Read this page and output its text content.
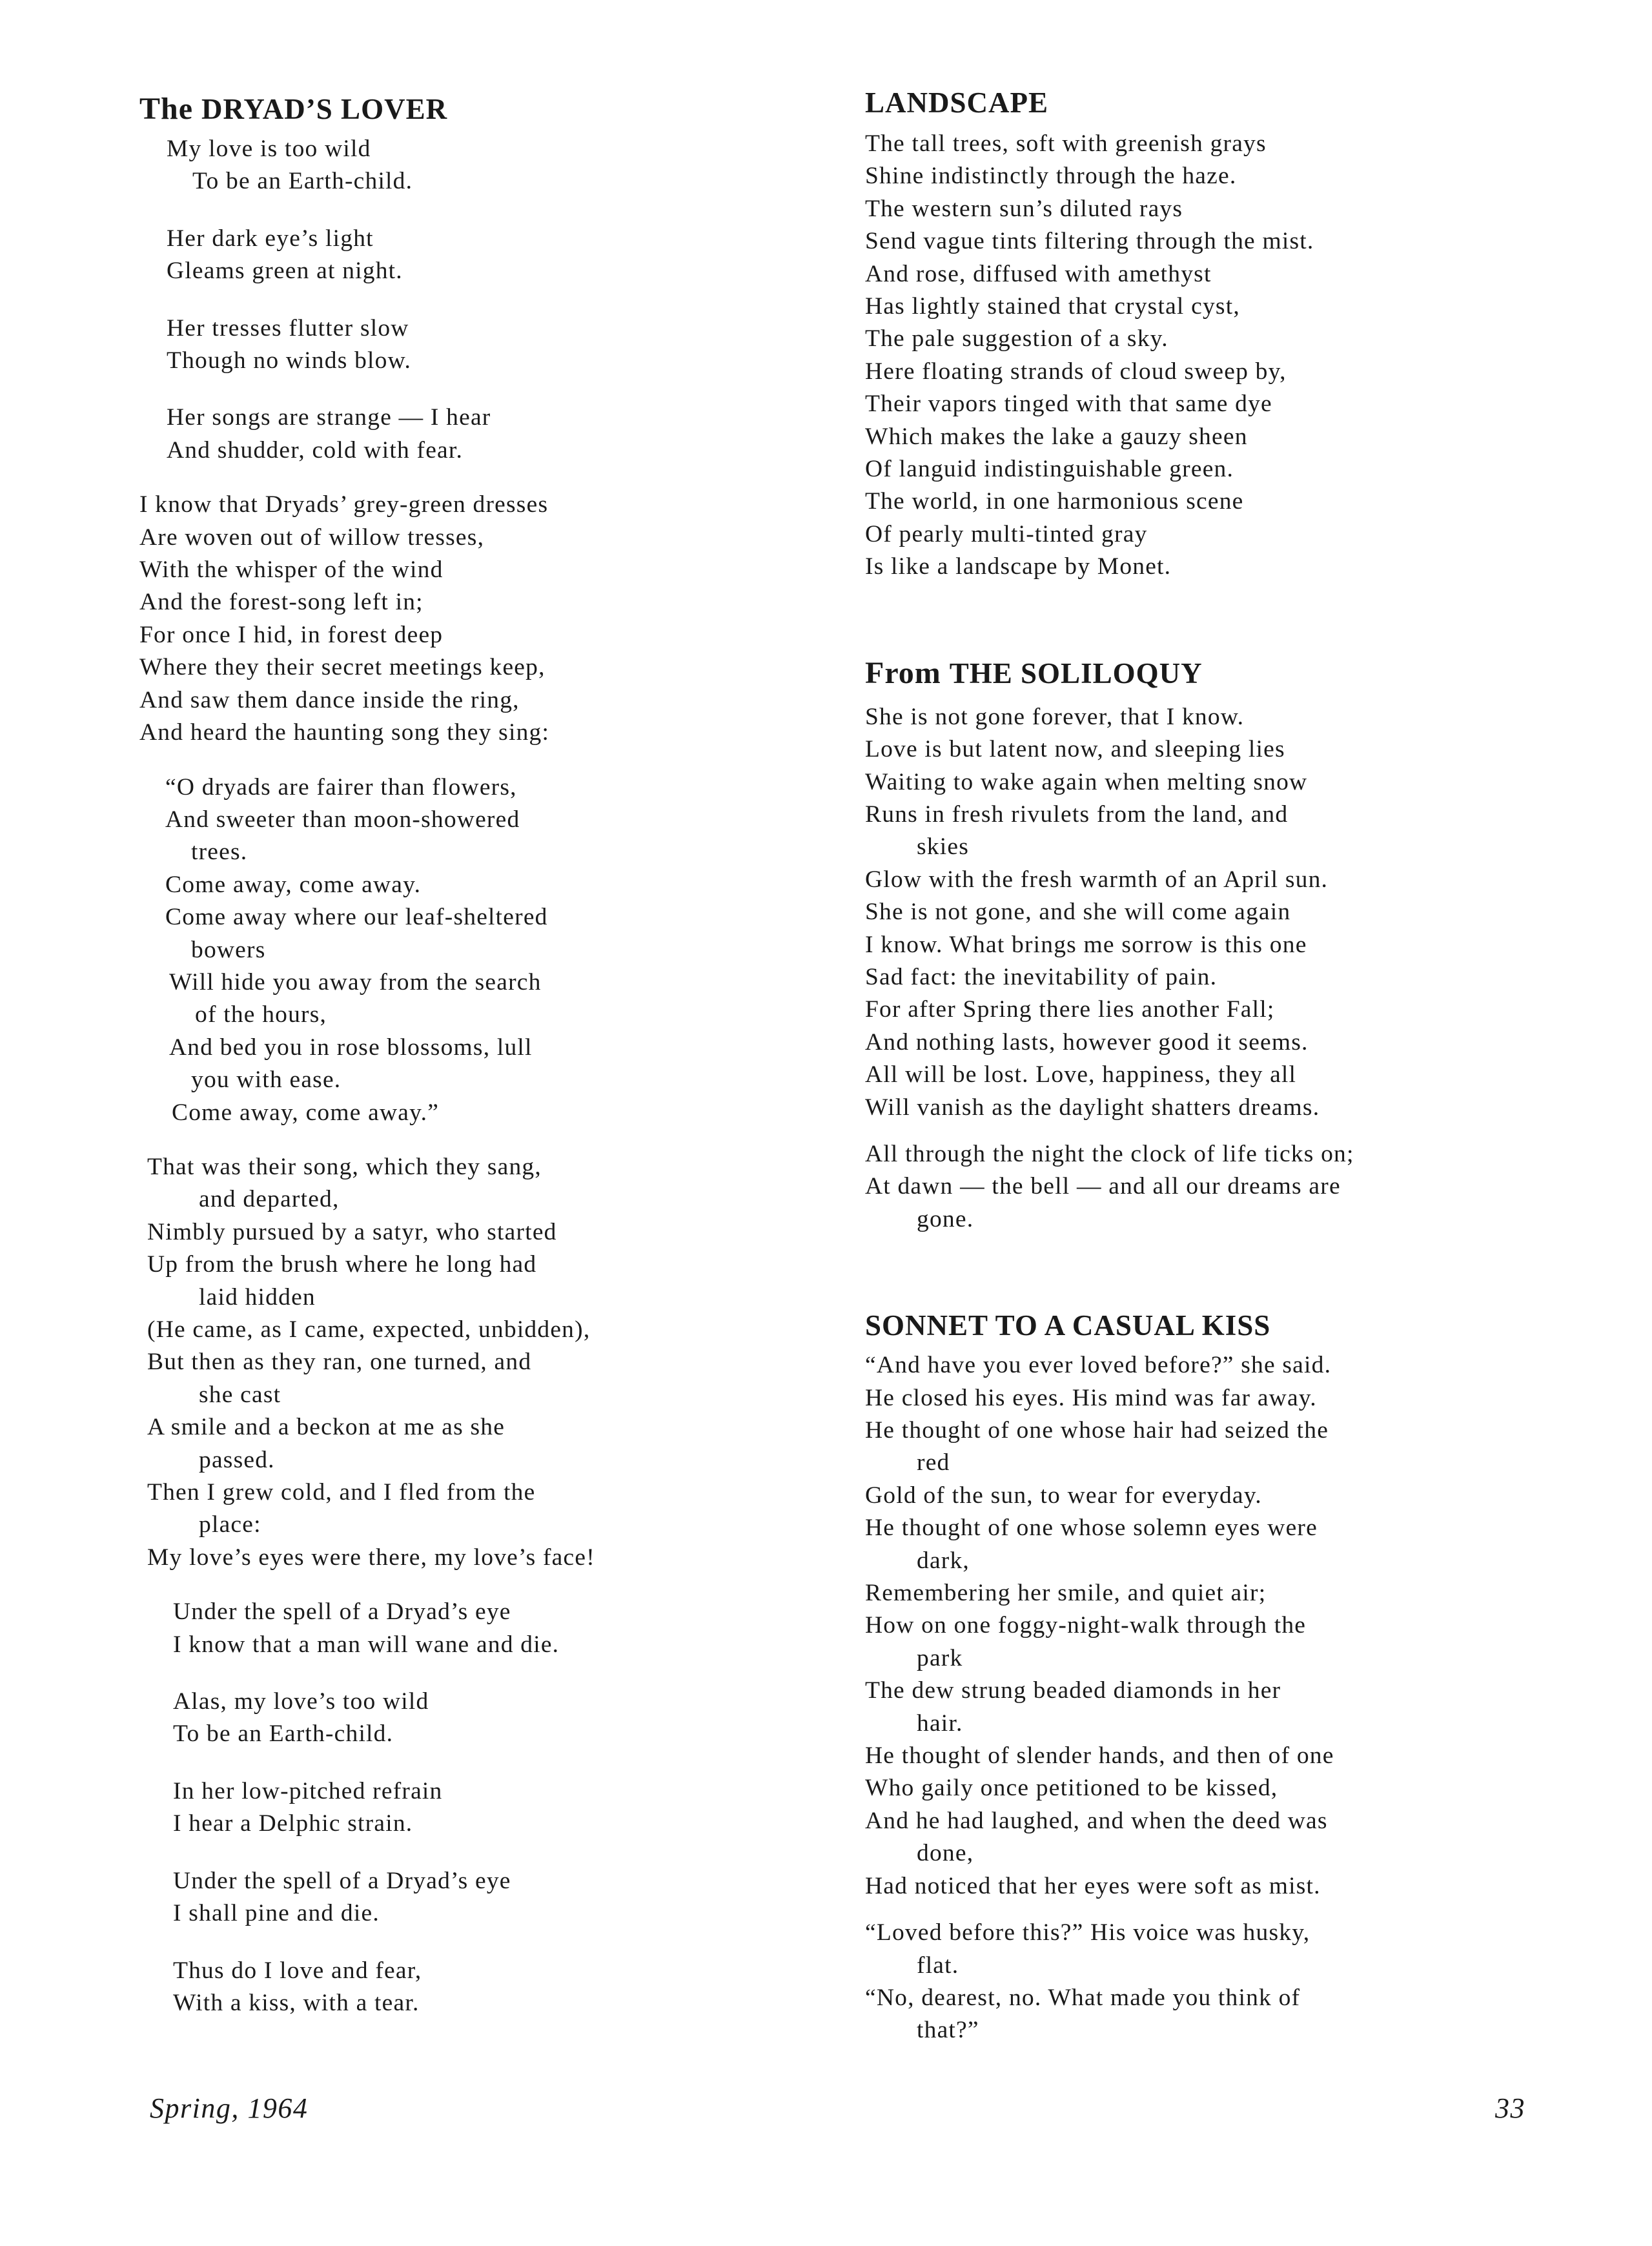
The DRYAD’S LOVER
My love is too wild
To be an Earth-child.
Her dark eye’s light
Gleams green at night.
Her tresses flutter slow
Though no winds blow.
Her songs are strange — I hear
And shudder, cold with fear.
I know that Dryads’ grey-green dresses
Are woven out of willow tresses,
With the whisper of the wind
And the forest-song left in;
For once I hid, in forest deep
Where they their secret meetings keep,
And saw them dance inside the ring,
And heard the haunting song they sing:
“O dryads are fairer than flowers,
And sweeter than moon-showered
trees.
Come away, come away.
Come away where our leaf-sheltered
bowers
Will hide you away from the search
of the hours,
And bed you in rose blossoms, lull
you with ease.
Come away, come away.”
That was their song, which they sang,
and departed,
Nimbly pursued by a satyr, who started
Up from the brush where he long had
laid hidden
(He came, as I came, expected, unbidden),
But then as they ran, one turned, and
she cast
A smile and a beckon at me as she
passed.
Then I grew cold, and I fled from the
place:
My love’s eyes were there, my love’s face!
Under the spell of a Dryad’s eye
I know that a man will wane and die.
Alas, my love’s too wild
To be an Earth-child.
In her low-pitched refrain
I hear a Delphic strain.
Under the spell of a Dryad’s eye
I shall pine and die.
Thus do I love and fear,
With a kiss, with a tear.
LANDSCAPE
The tall trees, soft with greenish grays
Shine indistinctly through the haze.
The western sun’s diluted rays
Send vague tints filtering through the mist.
And rose, diffused with amethyst
Has lightly stained that crystal cyst,
The pale suggestion of a sky.
Here floating strands of cloud sweep by,
Their vapors tinged with that same dye
Which makes the lake a gauzy sheen
Of languid indistinguishable green.
The world, in one harmonious scene
Of pearly multi-tinted gray
Is like a landscape by Monet.
From THE SOLILOQUY
She is not gone forever, that I know.
Love is but latent now, and sleeping lies
Waiting to wake again when melting snow
Runs in fresh rivulets from the land, and
skies
Glow with the fresh warmth of an April sun.
She is not gone, and she will come again
I know. What brings me sorrow is this one
Sad fact: the inevitability of pain.
For after Spring there lies another Fall;
And nothing lasts, however good it seems.
All will be lost. Love, happiness, they all
Will vanish as the daylight shatters dreams.
All through the night the clock of life ticks on;
At dawn — the bell — and all our dreams are
gone.
SONNET TO A CASUAL KISS
“And have you ever loved before?” she said.
He closed his eyes. His mind was far away.
He thought of one whose hair had seized the
red
Gold of the sun, to wear for everyday.
He thought of one whose solemn eyes were
dark,
Remembering her smile, and quiet air;
How on one foggy-night-walk through the
park
The dew strung beaded diamonds in her
hair.
He thought of slender hands, and then of one
Who gaily once petitioned to be kissed,
And he had laughed, and when the deed was
done,
Had noticed that her eyes were soft as mist.
“Loved before this?” His voice was husky,
flat.
“No, dearest, no. What made you think of
that?”
Spring, 1964	33
